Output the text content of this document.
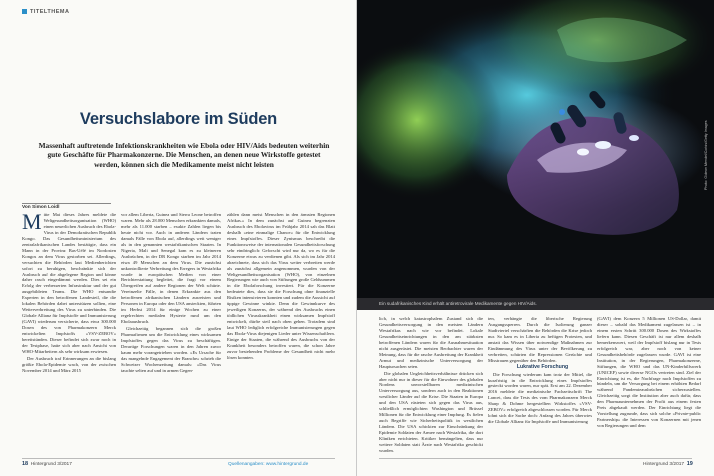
TITELTHEMA
Versuchslabore im Süden
Massenhaft auftretende Infektionskrankheiten wie Ebola oder HIV/Aids bedeuten weiterhin gute Geschäfte für Pharmakonzerne. Die Menschen, an denen neue Wirkstoffe getestet werden, können sich die Medikamente meist nicht leisten
Von Simon Loidl

Mitte Mai dieses Jahres meldete die Weltgesundheitsorganisation (WHO) einen neuerlichen Ausbruch des Ebola-Virus in der Demokratischen Republik Kongo. Das Gesundheitsministerium des zentralafrikanischen Landes bestätigte, dass ein Mann in der Provinz Bas-Uélé im Nordosten Kongos an dem Virus gestorben sei. Allerdings, versuchten die Behörden laut Medienberichten sofort zu beruhigen, beschränkte sich der Ausbruch auf die abgelegene Region und könne daher rasch eingedämmt werden. Dies sei ein Erfolg der verbesserten Infrastruktur und der gut ausgebildeten Teams. Die WHO entsandte Experten in den betroffenen Landesteil, die die lokalen Behörden dabei unterstützen sollten, eine Weiterverbreitung des Virus zu unterbinden. Die Globale Allianz für Impfstoffe und Immunisierung (GAVI) wiederum versicherte, dass etwa 300.000 Dosen des von Pharmakonzern Merck entwickelten Impfstoffs »VSV-ZEBOV« bereitstünden. Dieser befindet sich zwar noch in der Testphase, hatte sich aber nach Ansicht von WHO-Mitarbeitern als sehr wirksam erwiesen.

Der Ausbruch traf Erinnerungen an die bislang größte Ebola-Epidemie wach, von der zwischen November 2014 und März 2015

vor allem Liberia, Guinea und Sierra Leone betroffen waren. Mehr als 28.000 Menschen erkrankten damals, mehr als 11.000 starben – exakte Zahlen liegen bis heute nicht vor. Auch in anderen Ländern traten damals Fälle von Ebola auf, allerdings weit weniger als in den genannten westafrikanischen Staaten. In Nigeria, Mali und Senegal kam es zu kleineren Ausbrüchen, in der DR Kongo starben im Jahr 2014 etwa 49 Menschen an dem Virus. Die zunächst unkontrollierte Verbreitung des Erregers in Westafrika wurde in europäischen Medien von einer Berichterstattung begleitet, die fragt vor einem Übergreifen auf andere Regionen der Welt schürte. Vereinzelte Fälle, in denen Erkrankte aus den betroffenen afrikanischen Ländern ausreisten und Personen in Europa oder den USA ansteckten, führten im Herbst 2014 für einige Wochen zu einer regelrechten medialen Hysterie rund um den Ebolaausbruch.

Gleichzeitig begannen sich die großen Pharmafirmen um die Entwicklung eines wirksamen Impfstoffes gegen das Virus zu beschäftigen. Derartige Forschungen waren in den Jahren zuvor kaum mehr vorangetrieben worden. »Es Ursache für das mangelnde Engagement der Branche« schrieb die Schweizer Wochenzeitung damals: »Das Virus tauchte selten auf und in armen Gegen-

zählen dann meist Menschen in den ärmsten Regionen Afrikas.« In dem zunächst auf Guinea begrenzten Ausbruch des Ebolavirus im Frühjahr 2014 sah das Blatt deshalb »eine einmalige Chance« für die Entwicklung eines Impfstoffes. Dieser Zynismus beschreibt die Funktionsweise der internationalen Gesundheitsforschung sehr eindringlich: Geforscht wird nur da, wo es für die Konzerne etwas zu verdienen gibt. Als sich im Jahr 2014 abzeichnete, dass sich das Virus weiter verbreiten werde als zunächst allgemein angenommen, wurden von der Weltgesundheitsorganisation (WHO), von einzelnen Regierungen wie auch von Stiftungen große Geldsummen in die Ebolaforschung investiert. Für die Konzerne bedeutete dies, dass sie die Forschung ohne finanzielle Risiken intensivieren konnten und zudem die Aussicht auf üppige Gewinne winkte. Denn die Gewinnkurve des jeweiligen Konzerns, der während des Ausbruchs einen tödlichen Virusskrankheit einen wirksamen Impfstoff entwickelt, dürfte steil nach oben gehen. Trotzdem sind laut WHO lediglich erfolgreiche Immunisierungen gegen das Ebola-Virus diejenigen Lieder unter Wissenschaftlern. Einige der Staaten, die während des Ausbruchs von der Krankheit besonders betroffen waren, die schon Jahre zuvor bestehenden Probleme der Gesundheit nicht mehr lösen konnten.

18 Hintergrund 3/2017	Quellenangaben: www.hintergrund.de
Photo: Gideon Mendel/Corbis/Getty Images
Ein sudafrikanisches Kind erhält antiretrovirale Medikamente gegen HIV/Aids.

lich, in welch katastrophalem Zustand sich die Gesundheitsversorgung in den meisten Ländern Westafrikas nach wie vor befindet. Lokale Gesundheitseinrichtungen in den am stärksten betroffenen Ländern waren für die Ausnahmesituation nicht ausgerüstet. Die meisten Beobachter waren der Meinung, dass für die rasche Ausbreitung der Krankheit Armut und medizinische Unterversorgung der Hauptursachen seien.

Die globalen Ungleichheitsverhältnisse drücken sich aber nicht nur in dieser für die Einwohner des globalen Nordens unvorstellbaren medizinischen Unterversorgung aus, sondern auch in den Reaktionen westlicher Länder auf die Krise. Die Staaten in Europa und den USA rüsteten sich gegen das Virus aus, schließlich ermöglichten Washington und Brüssel Millionen für die Entwicklung einer Impfung. Es fielen auch Begriffe wie Sicherheitspolitik in westlichen Ländern. Die USA schickten zur Einschränkung der Epidemie Soldaten der Armee nach Westafrika, die dort Kliniken errichteten. Kritiker bemängelten, dass nur weitere Soldaten statt Ärzte nach Westafrika geschickt wurden.

ten, verhängte die liberische Regierung Ausgangssperren. Durch die Isolierung ganzer Stadtviertel verschärften die Behörden die Krise jedoch nur. So kam es in Liberia zu heftigen Protesten, und anstatt das Wissen über notwendige Maßnahmen zur Eindämmung des Virus unter der Bevölkerung zu verbreiten, schürten die Repressionen Gerüchte und Misstrauen gegenüber den Behörden.

Lukrative Forschung

Die Forschung wiederum kam trotz der Mittel, die kurzfristig in die Entwicklung eines Impfstoffes gesteckt worden waren, nur spät. Erst am 22. Dezember 2016 meldete die medizinische Fachzeitschrift The Lancet, dass die Tests des vom Pharmakonzern Merck Sharp & Dohme hergestellten Wirkstoffes »VSV-ZEBOV« erfolgreich abgeschlossen worden. Für Merck lohnt sich die Sache doch: Anfang des Jahres überwies die Globale Allianz für Impfstoffe und Immunisierung

(GAVI) dem Konzern 5 Millionen US-Dollar, damit dieser – sobald das Medikament zugelassen ist – in einem ersten Schritt 300.000 Dosen des Wirkstoffes liefern kann. Diesen Geschäft ist nur allem deshalb bemerkenswert, weil der Impfstoff bislang nur in Tests erfolgreich war, aber noch von keiner Gesundheitsbehörde zugelassen wurde. GAVI ist eine Institution, in der Regierungen, Pharmakonzerne, Stiftungen, die WHO und das UN-Kinderhilfswerk (UNICEF) sowie diverse NGOs vertreten sind. Ziel der Einrichtung ist es, die Nachfrage nach Impfstoffen zu bündeln, um die Versorgung bei einem erhöhten Bedarf während Pandemieausbrüchen sicherzustellen. Gleichzeitig sorgt die Institution aber auch dafür, dass den Pharmaunternehmen der Profit aus einem festen Preis abgekauft werden. Der Einrichtung liegt die Vorstellung zugrunde, dass sich solche »Private-public Partnership« die Interessen von Konzernen mit jenen von Regierungen und dem

Hintergrund 3/2017 19
